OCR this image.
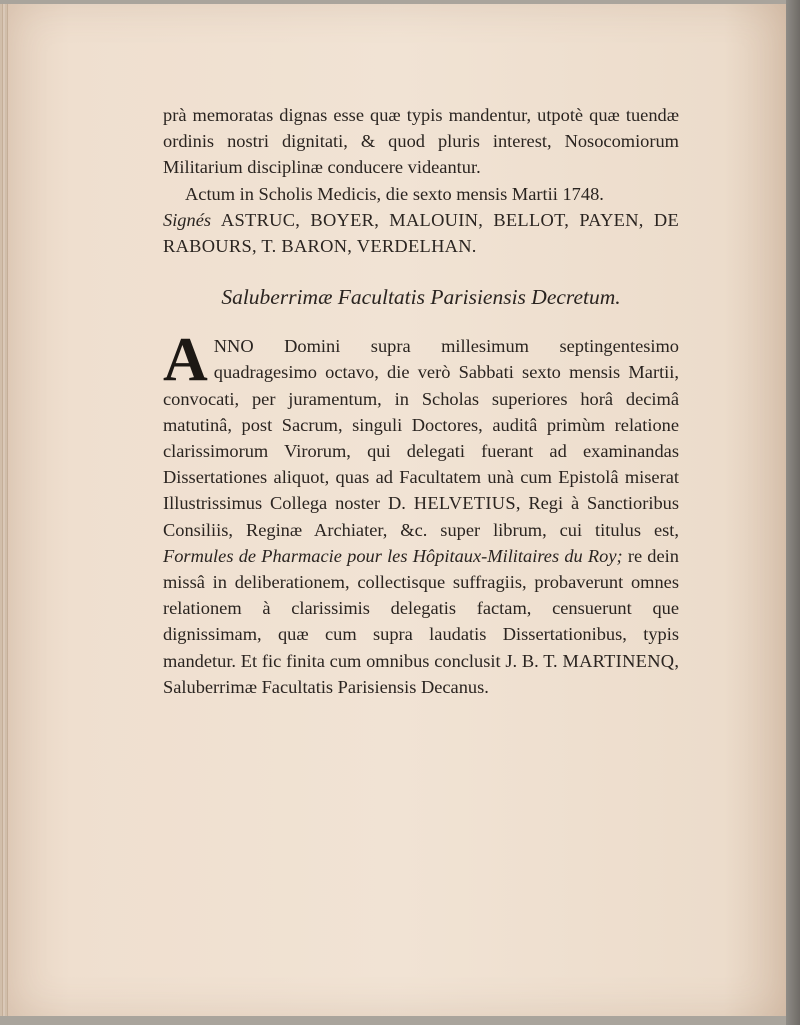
prà memoratas dignas esse quæ typis mandentur, utpotè quæ tuendæ ordinis nostri dignitati, & quod pluris interest, Nosocomiorum Militarium disciplinæ conducere videantur.

Actum in Scholis Medicis, die sexto mensis Martii 1748.

Signés ASTRUC, BOYER, MALOUIN, BELLOT, PAYEN, DE RABOURS, T. BARON, VERDELHAN.

Saluberrimæ Facultatis Parisiensis Decretum.
A NNO Domini supra millesimum septingentesimo quadragesimo octavo, die verò Sabbati sexto mensis Martii, convocati, per juramentum, in Scholas superiores horâ decimâ matutinâ, post Sacrum, singuli Doctores, auditâ primùm relatione clarissimorum Virorum, qui delegati fuerant ad examinandas Dissertationes aliquot, quas ad Facultatem unà cum Epistolâ miserat Illustrissimus Collega noster D. HELVETIUS, Regi à Sanctioribus Consiliis, Reginæ Archiater, &c. super librum, cui titulus est, Formules de Pharmacie pour les Hôpitaux-Militaires du Roy; re dein missâ in deliberationem, collectisque suffragiis, probaverunt omnes relationem à clarissimis delegatis factam, censuerunt que dignissimam, quæ cum supra laudatis Dissertationibus, typis mandetur. Et fic finita cum omnibus conclusit J. B. T. MARTINENQ, Saluberrimæ Facultatis Parisiensis Decanus.
